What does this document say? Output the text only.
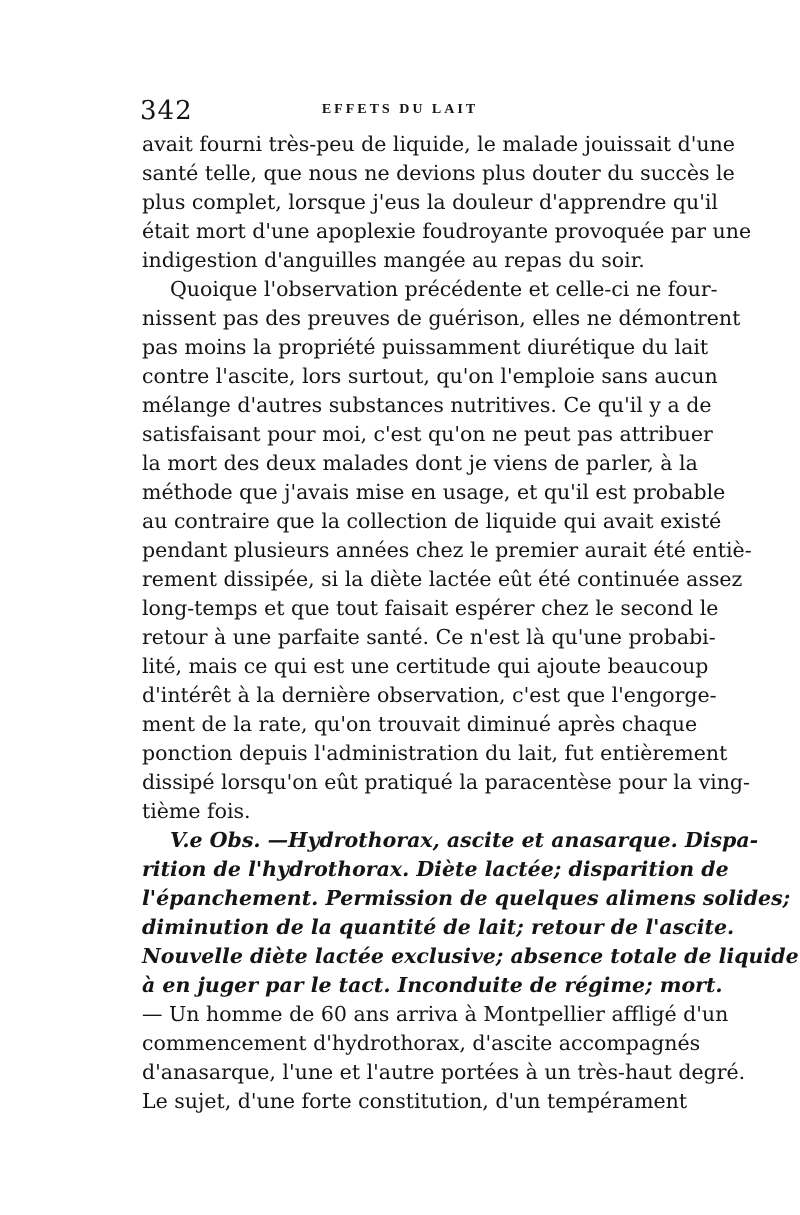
342	EFFETS DU LAIT
avait fourni très-peu de liquide, le malade jouissait d'une
santé telle, que nous ne devions plus douter du succès le
plus complet, lorsque j'eus la douleur d'apprendre qu'il
était mort d'une apoplexie foudroyante provoquée par une
indigestion d'anguilles mangée au repas du soir.
Quoique l'observation précédente et celle-ci ne four-
nissent pas des preuves de guérison, elles ne démontrent
pas moins la propriété puissamment diurétique du lait
contre l'ascite, lors surtout, qu'on l'emploie sans aucun
mélange d'autres substances nutritives. Ce qu'il y a de
satisfaisant pour moi, c'est qu'on ne peut pas attribuer
la mort des deux malades dont je viens de parler, à la
méthode que j'avais mise en usage, et qu'il est probable
au contraire que la collection de liquide qui avait existé
pendant plusieurs années chez le premier aurait été entiè-
rement dissipée, si la diète lactée eût été continuée assez
long-temps et que tout faisait espérer chez le second le
retour à une parfaite santé. Ce n'est là qu'une probabi-
lité, mais ce qui est une certitude qui ajoute beaucoup
d'intérêt à la dernière observation, c'est que l'engorge-
ment de la rate, qu'on trouvait diminué après chaque
ponction depuis l'administration du lait, fut entièrement
dissipé lorsqu'on eût pratiqué la paracentèse pour la ving-
tième fois.
V.e Obs. —Hydrothorax, ascite et anasarque. Dispa-
rition de l'hydrothorax. Diète lactée; disparition de
l'épanchement. Permission de quelques alimens solides;
diminution de la quantité de lait; retour de l'ascite.
Nouvelle diète lactée exclusive; absence totale de liquide
à en juger par le tact. Inconduite de régime; mort.
— Un homme de 60 ans arriva à Montpellier affligé d'un
commencement d'hydrothorax, d'ascite accompagnés
d'anasarque, l'une et l'autre portées à un très-haut degré.
Le sujet, d'une forte constitution, d'un tempérament
